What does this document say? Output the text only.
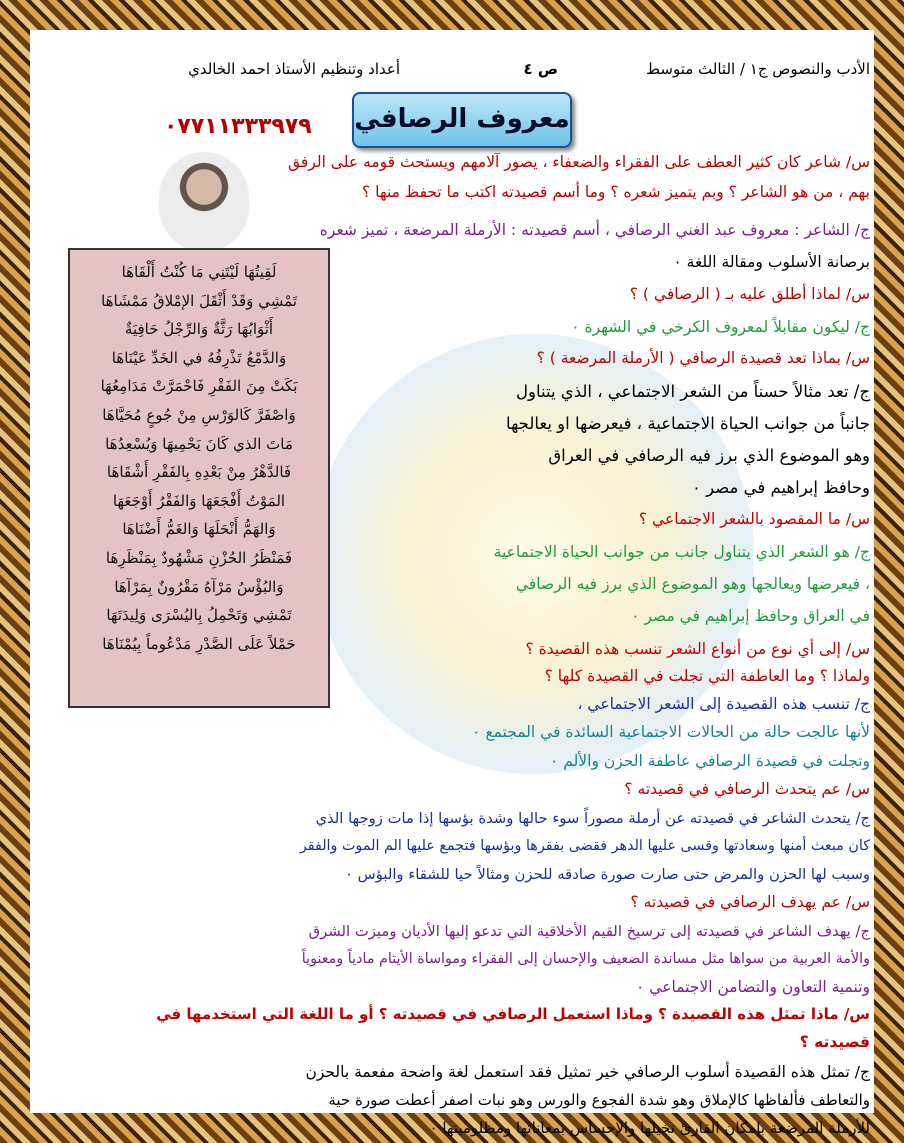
الأدب والنصوص ج١ / الثالث متوسط
ص ٤
أعداد وتنظيم الأستاذ احمد الخالدي
٠٧٧١١٣٣٣٩٧٩ معروف الرصافي
لَقِيتُهَا لَيْتَنِي مَا كُنْتُ أَلْقَاهَا
تَمْشِي وَقَدْ أَثْقَلَ الإمْلاقُ مَمْشَاهَا
أَثْوَابُهَا رَثَّةٌ وَالرِّجْلُ حَافِيَةٌ
وَالدَّمْعُ تَذْرِفُهُ في الخَدِّ عَيْنَاهَا
بَكَتْ مِنَ الفَقْرِ فَاحْمَرَّتْ مَدَامِعُهَا
وَاصْفَرَّ كَالوَرْسِ مِنْ جُوعٍ مُحَيَّاهَا
مَاتَ الذي كَانَ يَحْمِيهَا وَيُسْعِدُهَا
فَالدَّهْرُ مِنْ بَعْدِهِ بِالفَقْرِ أَشْقَاهَا
المَوْتُ أَفْجَعَهَا وَالفَقْرُ أَوْجَعَهَا
وَالهَمُّ أَنْحَلَهَا وَالغَمُّ أَضْنَاهَا
فَمَنْظَرُ الحُزْنِ مَشْهُودٌ بِمَنْظَرِهَا
وَالبُؤْسُ مَرْآهُ مَقْرُونٌ بِمَرْآهَا
تَمْشِي وَتَحْمِلُ بِاليُسْرَى وَلِيدَتَهَا
حَمْلاً عَلَى الصَّدْرِ مَدْعُوماً بِيُمْنَاهَا
س/ شاعر كان كثير العطف على الفقراء والضعفاء ، يصور آلامهم ويستحث قومه على الرفق
بهم ، من هو الشاعر ؟ وبم يتميز شعره ؟ وما أسم قصيدته اكتب ما تحفظ منها ؟
ج/ الشاعر : معروف عبد الغني الرصافي ، أسم قصيدته : الأرملة المرضعة ، تميز شعره
برصانة الأسلوب ومقالة اللغة ٠
س/ لماذا أطلق عليه بـ ( الرصافي ) ؟
ج/ ليكون مقابلاً لمعروف الكرخي في الشهرة ٠
س/ بماذا تعد قصيدة الرصافي ( الأرملة المرضعة ) ؟
ج/ تعد مثالاً حسناً من الشعر الاجتماعي ، الذي يتناول
جانباً من جوانب الحياة الاجتماعية ، فيعرضها او يعالجها
وهو الموضوع الذي برز فيه الرصافي في العراق
وحافظ إبراهيم في مصر ٠
س/ ما المقصود بالشعر الاجتماعي ؟
ج/ هو الشعر الذي يتناول جانب من جوانب الحياة الاجتماعية
، فيعرضها ويعالجها وهو الموضوع الذي برز فيه الرصافي
في العراق وحافظ إبراهيم في مصر ٠
س/ إلى أي نوع من أنواع الشعر تنسب هذه القصيدة ؟
ولماذا ؟ وما العاطفة التي تجلت في القصيدة كلها ؟
ج/ تنسب هذه القصيدة إلى الشعر الاجتماعي ،
لأنها عالجت حالة من الحالات الاجتماعية السائدة في المجتمع ٠
وتجلت في قصيدة الرصافي عاطفة الحزن والألم ٠
س/ عم يتحدث الرصافي في قصيدته ؟
ج/ يتحدث الشاعر في قصيدته عن أرملة مصوراً سوء حالها وشدة بؤسها إذا مات زوجها الذي
كان مبعث أمنها وسعادتها وقسى عليها الدهر فقضى بفقرها وبؤسها فتجمع عليها الم الموت والفقر
وسبب لها الحزن والمرض حتى صارت صورة صادقه للحزن ومثالاً حيا للشقاء والبؤس ٠
س/ عم يهدف الرصافي في قصيدته ؟
ج/ يهدف الشاعر في قصيدته إلى ترسيخ القيم الأخلاقية التي تدعو إليها الأديان وميزت الشرق
والأمة العربية من سواها مثل مساندة الضعيف والإحسان إلى الفقراء ومواساة الأيتام مادياً ومعنوياً
وتنمية التعاون والتضامن الاجتماعي ٠
س/ ماذا تمثل هذه القصيدة ؟ وماذا استعمل الرصافي في قصيدته ؟ أو ما اللغة التي استخدمها في
قصيدته ؟
ج/ تمثل هذه القصيدة أسلوب الرصافي خير تمثيل فقد استعمل لغة واضحة مفعمة بالحزن
والتعاطف فألفاظها كالإملاق وهو شدة الفجوع والورس وهو نبات اصفر أعطت صورة حية
للأرملة المرضعة بإمكان القارئ تخيلها والإحساس بمعاناتها ومظلوميتها ٠
